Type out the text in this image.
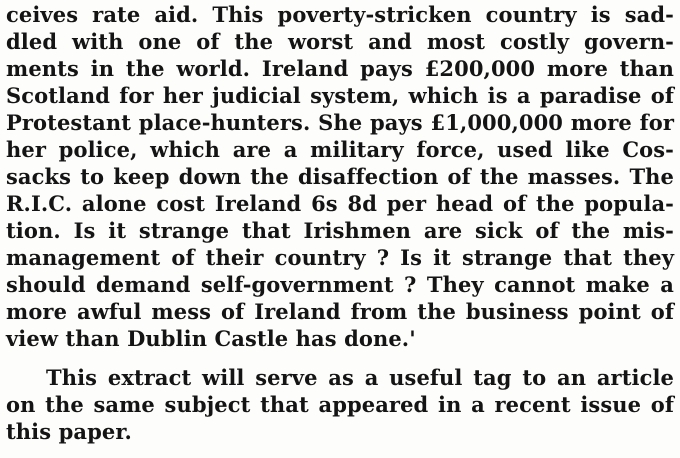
ceives rate aid. This poverty-stricken country is sad-
dled with one of the worst and most costly govern-
ments in the world. Ireland pays £200,000 more than
Scotland for her judicial system, which is a paradise of
Protestant place-hunters. She pays £1,000,000 more for
her police, which are a military force, used like Cos-
sacks to keep down the disaffection of the masses. The
R.I.C. alone cost Ireland 6s 8d per head of the popula-
tion. Is it strange that Irishmen are sick of the mis-
management of their country ? Is it strange that they
should demand self-government ? They cannot make a
more awful mess of Ireland from the business point of
view than Dublin Castle has done.'
This extract will serve as a useful tag to an article
on the same subject that appeared in a recent issue of
this paper.
